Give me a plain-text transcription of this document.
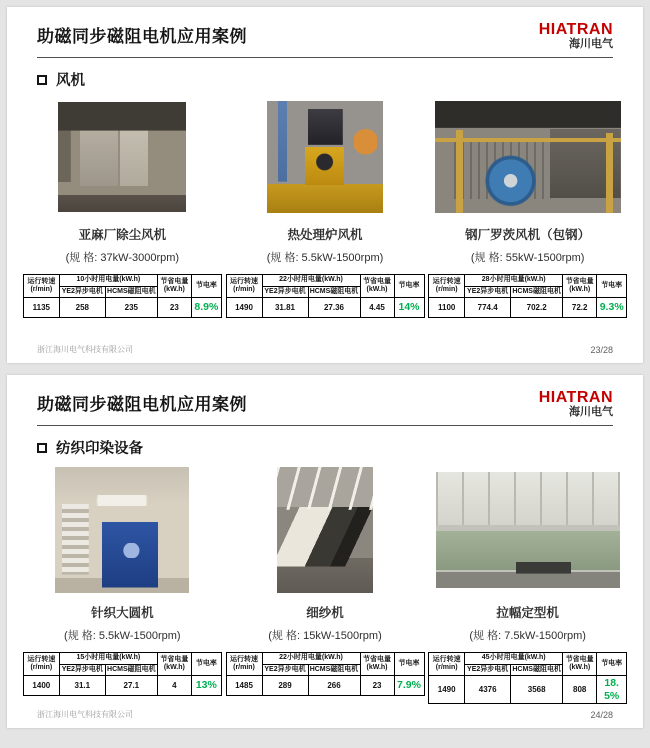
助磁同步磁阻电机应用案例	HIATRAN
海川电气
风机
亚麻厂除尘风机
(规 格: 37kW-3000rpm)
运行转速(r/min)	10小时用电量(kW.h)		节省电量(kW.h)	节电率
	YE2异步电机	HCMS磁阻电机		
1135	258	235	23	8.9%
热处理炉风机
(规 格: 5.5kW-1500rpm)
运行转速(r/min)	22小时用电量(kW.h)		节省电量(kW.h)	节电率
	YE2异步电机	HCMS磁阻电机		
1490	31.81	27.36	4.45	14%
钢厂罗茨风机（包钢）
(规 格: 55kW-1500rpm)
运行转速(r/min)	28小时用电量(kW.h)		节省电量(kW.h)	节电率
	YE2异步电机	HCMS磁阻电机		
1100	774.4	702.2	72.2	9.3%
浙江海川电气科技有限公司	23/28
助磁同步磁阻电机应用案例	HIATRAN
海川电气
纺织印染设备
针织大圆机
(规 格: 5.5kW-1500rpm)
运行转速(r/min)	15小时用电量(kW.h)		节省电量(kW.h)	节电率
	YE2异步电机	HCMS磁阻电机		
1400	31.1	27.1	4	13%
细纱机
(规 格: 15kW-1500rpm)
运行转速(r/min)	22小时用电量(kW.h)		节省电量(kW.h)	节电率
	YE2异步电机	HCMS磁阻电机		
1485	289	266	23	7.9%
拉幅定型机
(规 格: 7.5kW-1500rpm)
运行转速(r/min)	45小时用电量(kW.h)		节省电量(kW.h)	节电率
	YE2异步电机	HCMS磁阻电机		
1490	4376	3568	808	18.5%
浙江海川电气科技有限公司	24/28
